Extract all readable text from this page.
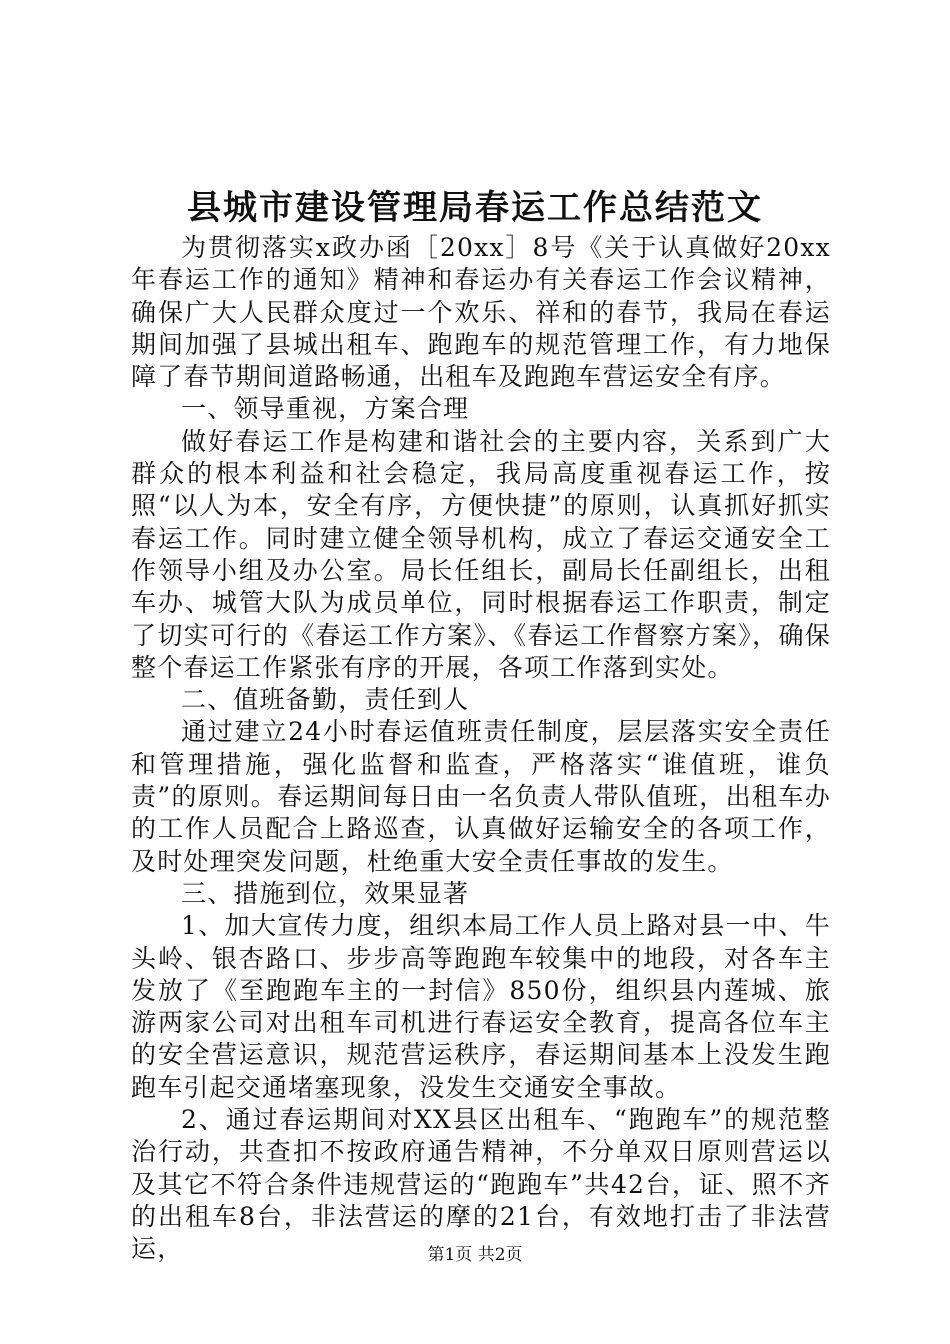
县城市建设管理局春运工作总结范文

为贯彻落实x政办函［20xx］8号《关于认真做好20xx年春运工作的通知》精神和春运办有关春运工作会议精神，确保广大人民群众度过一个欢乐、祥和的春节，我局在春运期间加强了县城出租车、跑跑车的规范管理工作，有力地保障了春节期间道路畅通，出租车及跑跑车营运安全有序。

一、领导重视，方案合理

做好春运工作是构建和谐社会的主要内容，关系到广大群众的根本利益和社会稳定，我局高度重视春运工作，按照“以人为本，安全有序，方便快捷”的原则，认真抓好抓实春运工作。同时建立健全领导机构，成立了春运交通安全工作领导小组及办公室。局长任组长，副局长任副组长，出租车办、城管大队为成员单位，同时根据春运工作职责，制定了切实可行的《春运工作方案》、《春运工作督察方案》，确保整个春运工作紧张有序的开展，各项工作落到实处。

二、值班备勤，责任到人

通过建立24小时春运值班责任制度，层层落实安全责任和管理措施，强化监督和监查，严格落实“谁值班，谁负责”的原则。春运期间每日由一名负责人带队值班，出租车办的工作人员配合上路巡查，认真做好运输安全的各项工作，及时处理突发问题，杜绝重大安全责任事故的发生。

三、措施到位，效果显著

1、加大宣传力度，组织本局工作人员上路对县一中、牛头岭、银杏路口、步步高等跑跑车较集中的地段，对各车主发放了《至跑跑车主的一封信》850份，组织县内莲城、旅游两家公司对出租车司机进行春运安全教育，提高各位车主的安全营运意识，规范营运秩序，春运期间基本上没发生跑跑车引起交通堵塞现象，没发生交通安全事故。

2、通过春运期间对XX县区出租车、“跑跑车”的规范整治行动，共查扣不按政府通告精神，不分单双日原则营运以及其它不符合条件违规营运的“跑跑车”共42台，证、照不齐的出租车8台，非法营运的摩的21台，有效地打击了非法营运，	第1页 共2页
